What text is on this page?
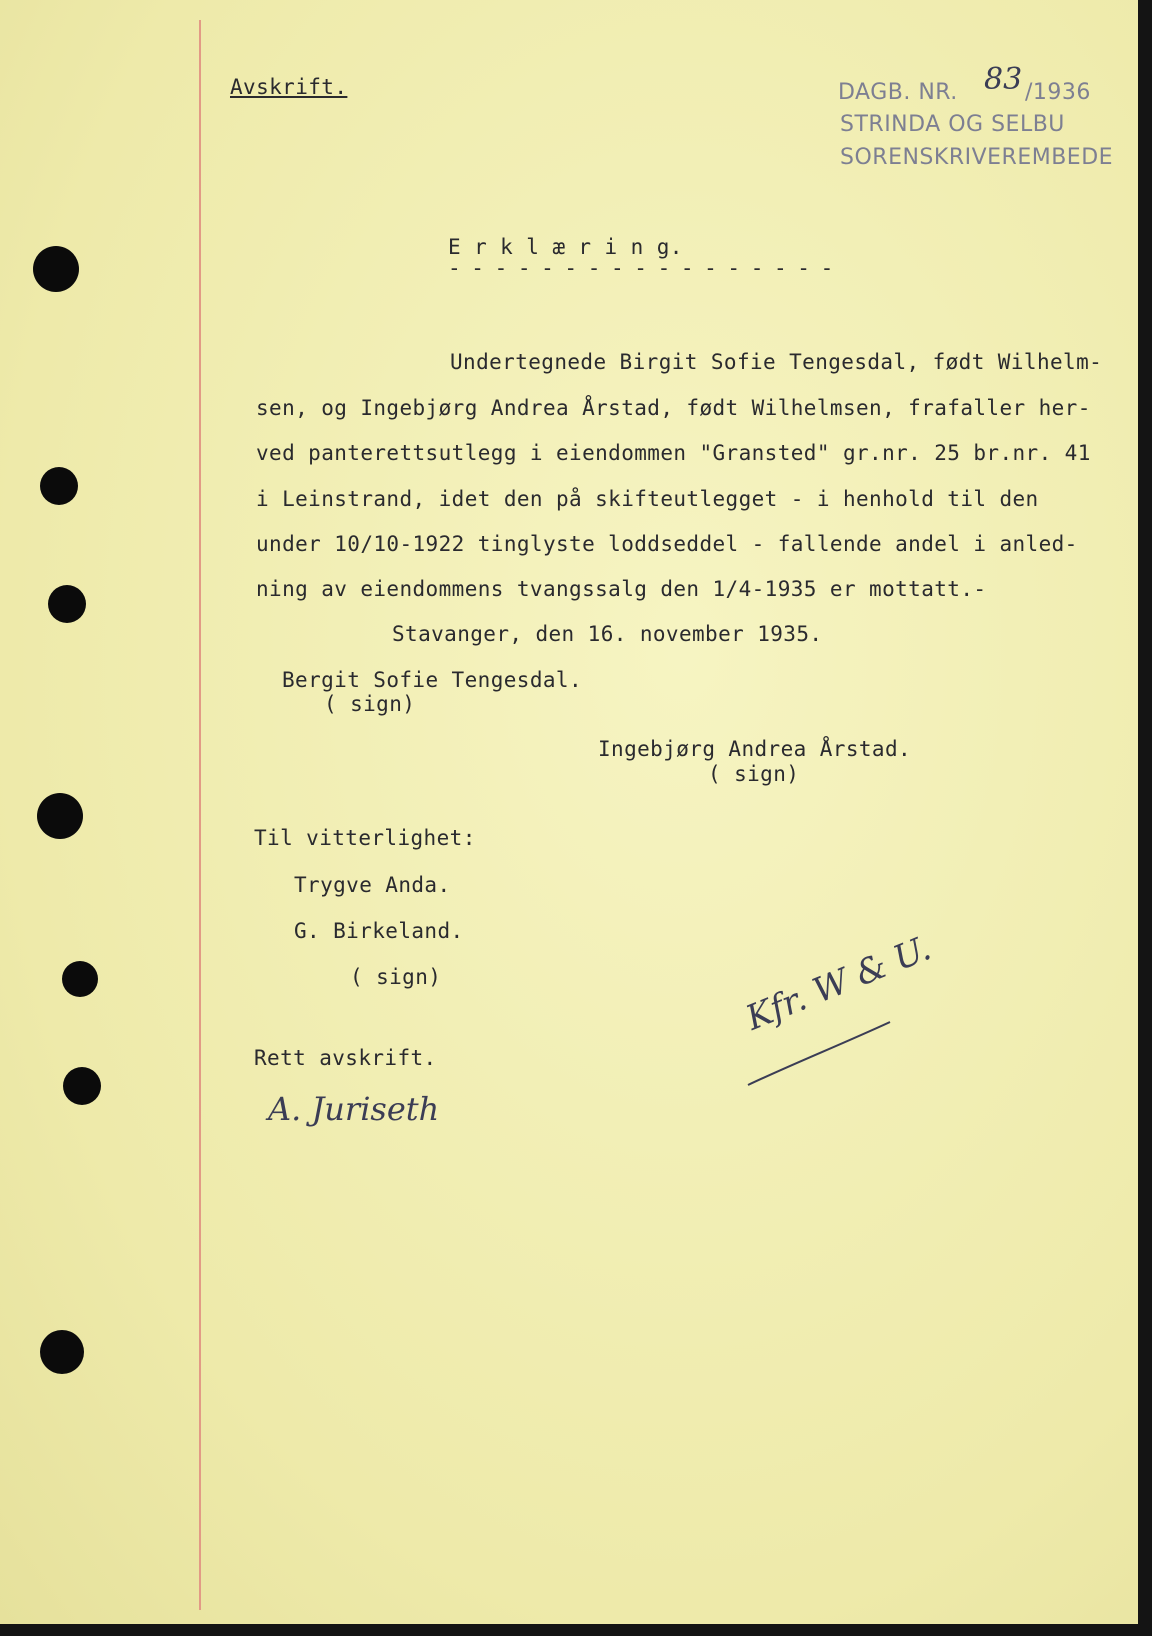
Avskrift.	DAGB. NR. 83 /1936
STRINDA OG SELBU
SORENSKRIVEREMBEDE
E r k l æ r i n g.
- - - - - - - - - - - - - - - - -
Undertegnede Birgit Sofie Tengesdal, født Wilhelm-
sen, og Ingebjørg Andrea Årstad, født Wilhelmsen, frafaller her-
ved panterettsutlegg i eiendommen "Gransted" gr.nr. 25 br.nr. 41
i Leinstrand, idet den på skifteutlegget - i henhold til den
under 10/10-1922 tinglyste loddseddel - fallende andel i anled-
ning av eiendommens tvangssalg den 1/4-1935 er mottatt.-
Stavanger, den 16. november 1935.
Bergit Sofie Tengesdal.
( sign)
Ingebjørg Andrea Årstad.
( sign)
Til vitterlighet:
Trygve Anda.
G. Birkeland.
( sign)	Kfr. W & U.
Rett avskrift.
A. Juriseth
